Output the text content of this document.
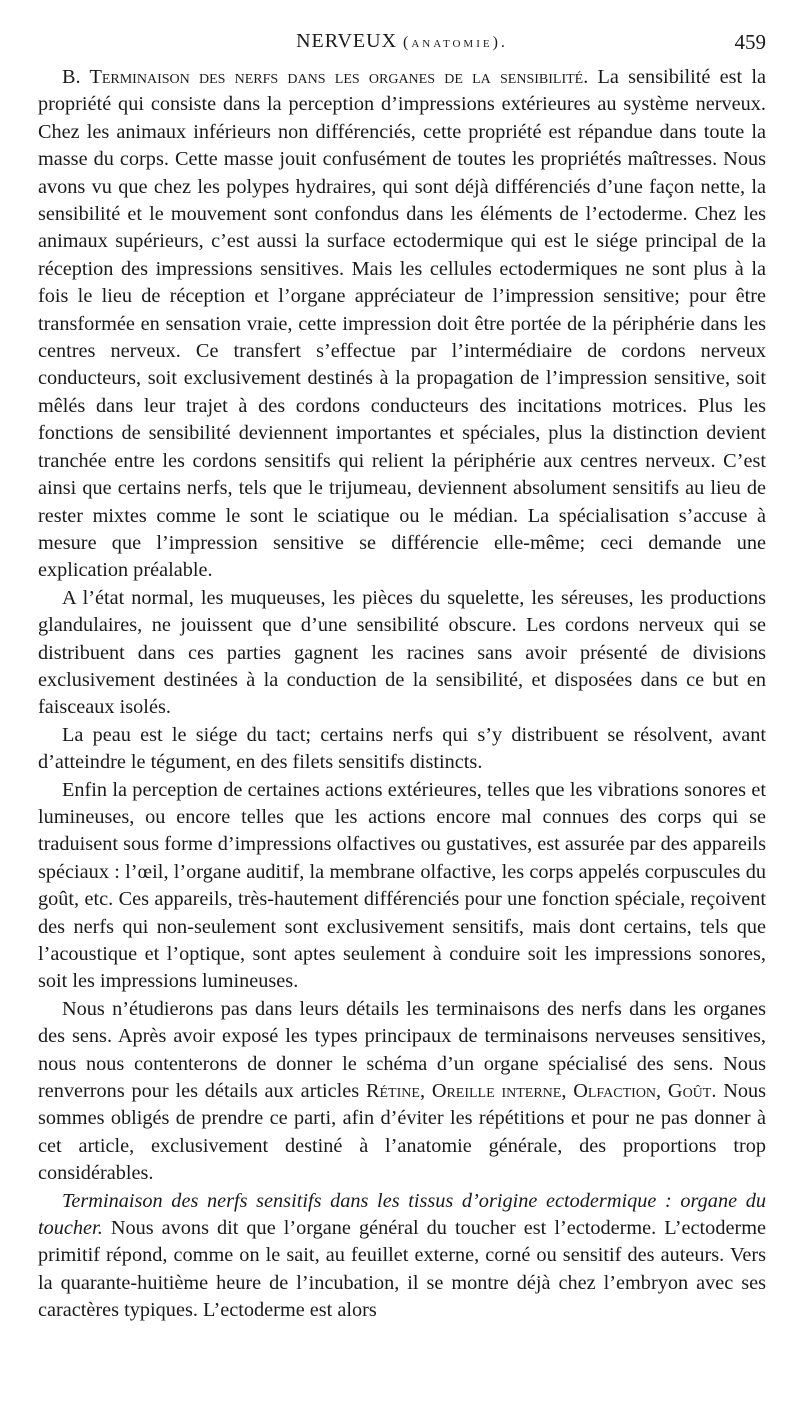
NERVEUX (anatomie).	459

B. Terminaison des nerfs dans les organes de la sensibilité. La sensibilité est la propriété qui consiste dans la perception d’impressions extérieures au système nerveux. Chez les animaux inférieurs non différenciés, cette propriété est répandue dans toute la masse du corps. Cette masse jouit confusément de toutes les propriétés maîtresses. Nous avons vu que chez les polypes hydraires, qui sont déjà différenciés d’une façon nette, la sensibilité et le mouvement sont confondus dans les éléments de l’ectoderme. Chez les animaux supérieurs, c’est aussi la surface ectodermique qui est le siége principal de la réception des impressions sensitives. Mais les cellules ectodermiques ne sont plus à la fois le lieu de réception et l’organe appréciateur de l’impression sensitive; pour être transformée en sensation vraie, cette impression doit être portée de la périphérie dans les centres nerveux. Ce transfert s’effectue par l’intermédiaire de cordons nerveux conducteurs, soit exclusivement destinés à la propagation de l’impression sensitive, soit mêlés dans leur trajet à des cordons conducteurs des incitations motrices. Plus les fonctions de sensibilité deviennent importantes et spéciales, plus la distinction devient tranchée entre les cordons sensitifs qui relient la périphérie aux centres nerveux. C’est ainsi que certains nerfs, tels que le trijumeau, deviennent absolument sensitifs au lieu de rester mixtes comme le sont le sciatique ou le médian. La spécialisation s’accuse à mesure que l’impression sensitive se différencie elle-même; ceci demande une explication préalable.

A l’état normal, les muqueuses, les pièces du squelette, les séreuses, les productions glandulaires, ne jouissent que d’une sensibilité obscure. Les cordons nerveux qui se distribuent dans ces parties gagnent les racines sans avoir présenté de divisions exclusivement destinées à la conduction de la sensibilité, et disposées dans ce but en faisceaux isolés.

La peau est le siége du tact; certains nerfs qui s’y distribuent se résolvent, avant d’atteindre le tégument, en des filets sensitifs distincts.

Enfin la perception de certaines actions extérieures, telles que les vibrations sonores et lumineuses, ou encore telles que les actions encore mal connues des corps qui se traduisent sous forme d’impressions olfactives ou gustatives, est assurée par des appareils spéciaux : l’œil, l’organe auditif, la membrane olfactive, les corps appelés corpuscules du goût, etc. Ces appareils, très-hautement différenciés pour une fonction spéciale, reçoivent des nerfs qui non-seulement sont exclusivement sensitifs, mais dont certains, tels que l’acoustique et l’optique, sont aptes seulement à conduire soit les impressions sonores, soit les impressions lumineuses.

Nous n’étudierons pas dans leurs détails les terminaisons des nerfs dans les organes des sens. Après avoir exposé les types principaux de terminaisons nerveuses sensitives, nous nous contenterons de donner le schéma d’un organe spécialisé des sens. Nous renverrons pour les détails aux articles Rétine, Oreille interne, Olfaction, Goût. Nous sommes obligés de prendre ce parti, afin d’éviter les répétitions et pour ne pas donner à cet article, exclusivement destiné à l’anatomie générale, des proportions trop considérables.

Terminaison des nerfs sensitifs dans les tissus d’origine ectodermique : organe du toucher. Nous avons dit que l’organe général du toucher est l’ectoderme. L’ectoderme primitif répond, comme on le sait, au feuillet externe, corné ou sensitif des auteurs. Vers la quarante-huitième heure de l’incubation, il se montre déjà chez l’embryon avec ses caractères typiques. L’ectoderme est alors
